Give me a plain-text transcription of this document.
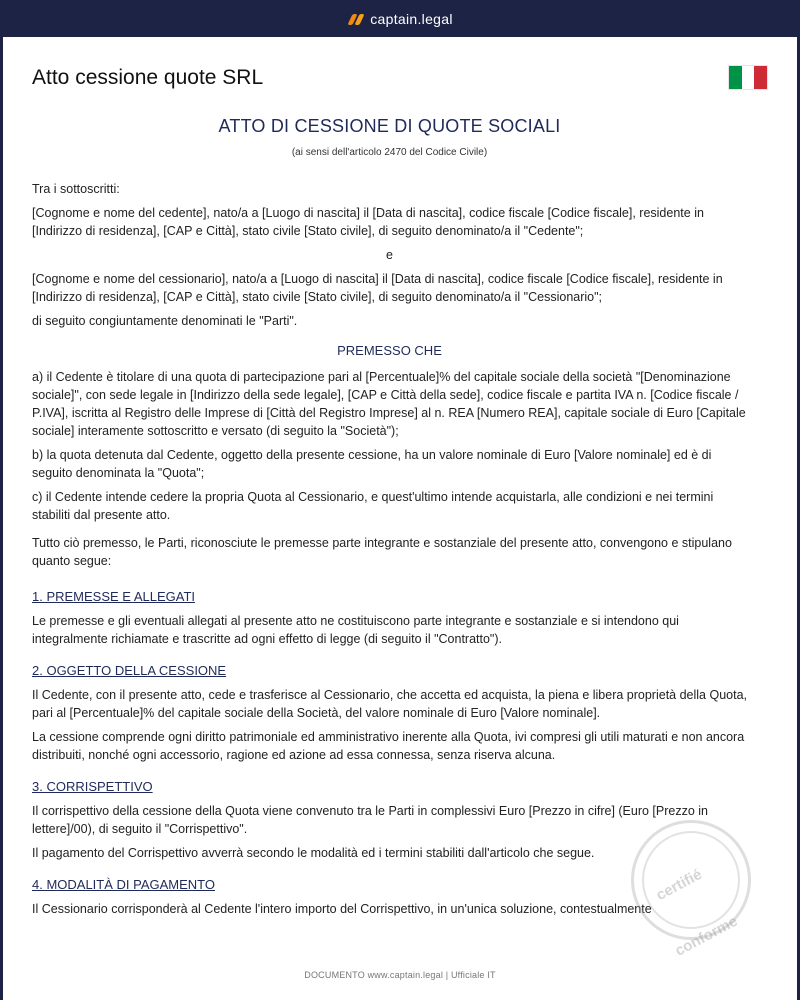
captain.legal
Atto cessione quote SRL
ATTO DI CESSIONE DI QUOTE SOCIALI
(ai sensi dell'articolo 2470 del Codice Civile)
Tra i sottoscritti:
[Cognome e nome del cedente], nato/a a [Luogo di nascita] il [Data di nascita], codice fiscale [Codice fiscale], residente in [Indirizzo di residenza], [CAP e Città], stato civile [Stato civile], di seguito denominato/a il "Cedente";
e
[Cognome e nome del cessionario], nato/a a [Luogo di nascita] il [Data di nascita], codice fiscale [Codice fiscale], residente in [Indirizzo di residenza], [CAP e Città], stato civile [Stato civile], di seguito denominato/a il "Cessionario";
di seguito congiuntamente denominati le "Parti".
PREMESSO CHE
a) il Cedente è titolare di una quota di partecipazione pari al [Percentuale]% del capitale sociale della società "[Denominazione sociale]", con sede legale in [Indirizzo della sede legale], [CAP e Città della sede], codice fiscale e partita IVA n. [Codice fiscale / P.IVA], iscritta al Registro delle Imprese di [Città del Registro Imprese] al n. REA [Numero REA], capitale sociale di Euro [Capitale sociale] interamente sottoscritto e versato (di seguito la "Società");
b) la quota detenuta dal Cedente, oggetto della presente cessione, ha un valore nominale di Euro [Valore nominale] ed è di seguito denominata la "Quota";
c) il Cedente intende cedere la propria Quota al Cessionario, e quest'ultimo intende acquistarla, alle condizioni e nei termini stabiliti dal presente atto.
Tutto ciò premesso, le Parti, riconosciute le premesse parte integrante e sostanziale del presente atto, convengono e stipulano quanto segue:
1. PREMESSE E ALLEGATI
Le premesse e gli eventuali allegati al presente atto ne costituiscono parte integrante e sostanziale e si intendono qui integralmente richiamate e trascritte ad ogni effetto di legge (di seguito il "Contratto").
2. OGGETTO DELLA CESSIONE
Il Cedente, con il presente atto, cede e trasferisce al Cessionario, che accetta ed acquista, la piena e libera proprietà della Quota, pari al [Percentuale]% del capitale sociale della Società, del valore nominale di Euro [Valore nominale].
La cessione comprende ogni diritto patrimoniale ed amministrativo inerente alla Quota, ivi compresi gli utili maturati e non ancora distribuiti, nonché ogni accessorio, ragione ed azione ad essa connessa, senza riserva alcuna.
3. CORRISPETTIVO
Il corrispettivo della cessione della Quota viene convenuto tra le Parti in complessivi Euro [Prezzo in cifre] (Euro [Prezzo in lettere]/00), di seguito il "Corrispettivo".
Il pagamento del Corrispettivo avverrà secondo le modalità ed i termini stabiliti dall'articolo che segue.
4. MODALITÀ DI PAGAMENTO
Il Cessionario corrisponderà al Cedente l'intero importo del Corrispettivo, in un'unica soluzione, contestualmente
certifié conforme
DOCUMENTO www.captain.legal | Ufficiale IT
